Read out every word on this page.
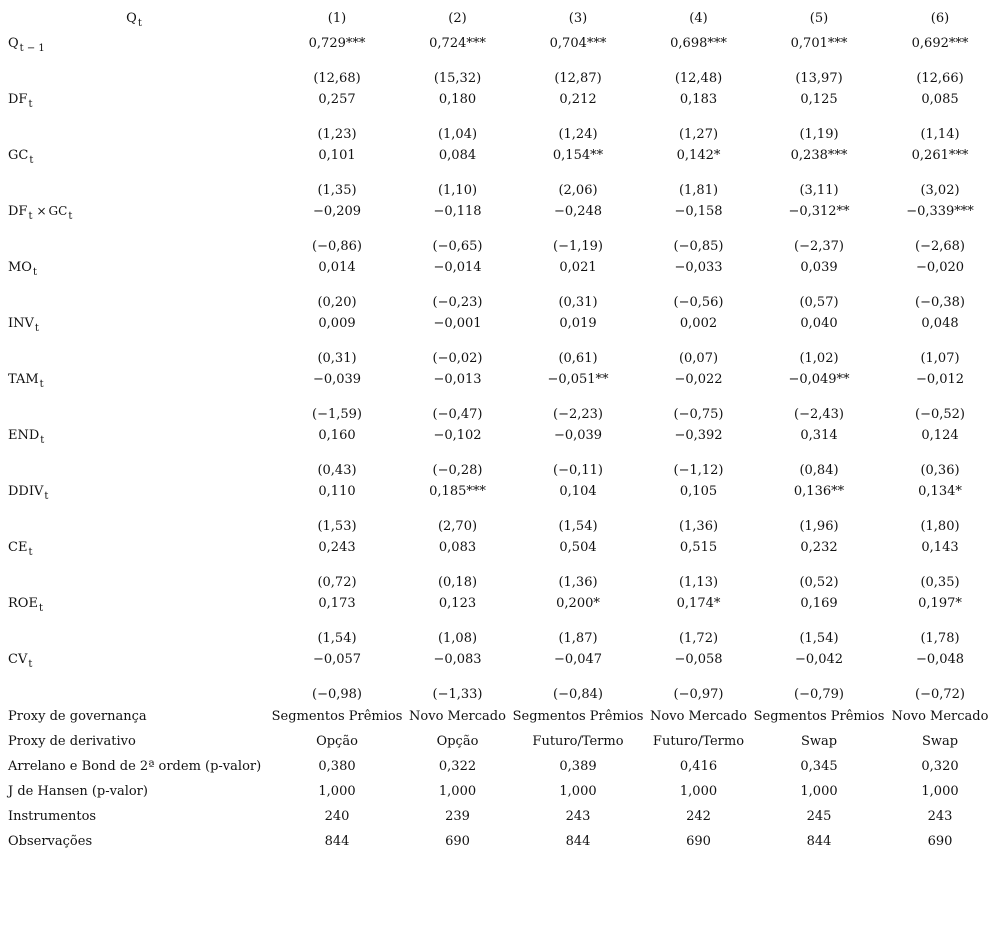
$Q_t$	(1)	(2)	(3)	(4)	(5)	(6)
$Q_{t - 1}$	0,729***	0,724***	0,704***	0,698***	0,701***	0,692***
	(12,68)	(15,32)	(12,87)	(12,48)	(13,97)	(12,66)
$DF_t$	0,257	0,180	0,212	0,183	0,125	0,085
	(1,23)	(1,04)	(1,24)	(1,27)	(1,19)	(1,14)
$GC_t$	0,101	0,084	0,154**	0,142*	0,238***	0,261***
	(1,35)	(1,10)	(2,06)	(1,81)	(3,11)	(3,02)
$DF_t \times GC_t$	−0,209	−0,118	−0,248	−0,158	−0,312**	−0,339***
	(−0,86)	(−0,65)	(−1,19)	(−0,85)	(−2,37)	(−2,68)
$MO_t$	0,014	−0,014	0,021	−0,033	0,039	−0,020
	(0,20)	(−0,23)	(0,31)	(−0,56)	(0,57)	(−0,38)
$INV_t$	0,009	−0,001	0,019	0,002	0,040	0,048
	(0,31)	(−0,02)	(0,61)	(0,07)	(1,02)	(1,07)
$TAM_t$	−0,039	−0,013	−0,051**	−0,022	−0,049**	−0,012
	(−1,59)	(−0,47)	(−2,23)	(−0,75)	(−2,43)	(−0,52)
$END_t$	0,160	−0,102	−0,039	−0,392	0,314	0,124
	(0,43)	(−0,28)	(−0,11)	(−1,12)	(0,84)	(0,36)
$DDIV_t$	0,110	0,185***	0,104	0,105	0,136**	0,134*
	(1,53)	(2,70)	(1,54)	(1,36)	(1,96)	(1,80)
$CE_t$	0,243	0,083	0,504	0,515	0,232	0,143
	(0,72)	(0,18)	(1,36)	(1,13)	(0,52)	(0,35)
$ROE_t$	0,173	0,123	0,200*	0,174*	0,169	0,197*
	(1,54)	(1,08)	(1,87)	(1,72)	(1,54)	(1,78)
$CV_t$	−0,057	−0,083	−0,047	−0,058	−0,042	−0,048
	(−0,98)	(−1,33)	(−0,84)	(−0,97)	(−0,79)	(−0,72)
Proxy de governança	Segmentos Prêmios	Novo Mercado	Segmentos Prêmios	Novo Mercado	Segmentos Prêmios	Novo Mercado
Proxy de derivativo	Opção	Opção	Futuro/Termo	Futuro/Termo	Swap	Swap
Arrelano e Bond de 2ª ordem (p-valor)	0,380	0,322	0,389	0,416	0,345	0,320
J de Hansen (p-valor)	1,000	1,000	1,000	1,000	1,000	1,000
Instrumentos	240	239	243	242	245	243
Observações	844	690	844	690	844	690
